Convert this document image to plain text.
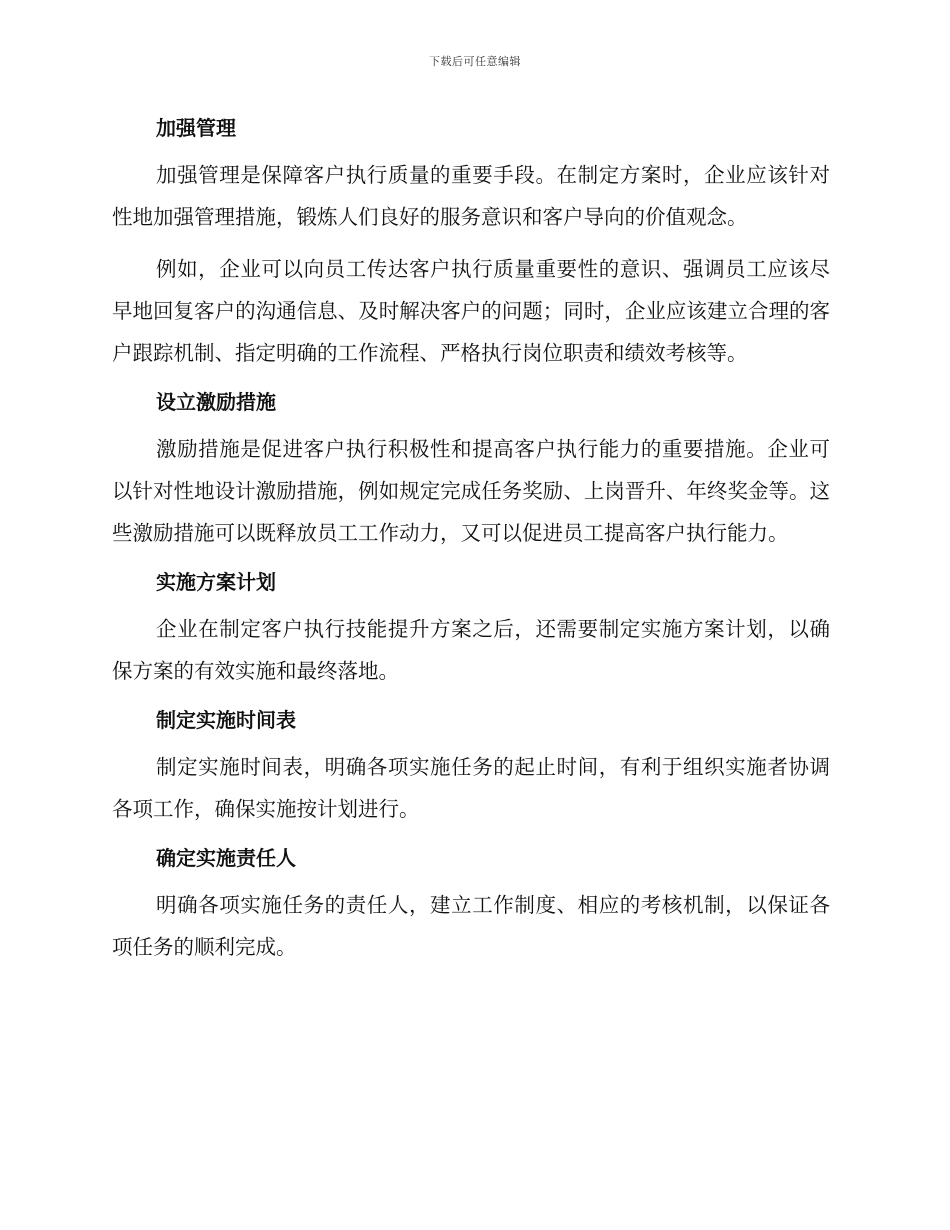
下载后可任意编辑
加强管理

加强管理是保障客户执行质量的重要手段。在制定方案时，企业应该针对性地加强管理措施，锻炼人们良好的服务意识和客户导向的价值观念。

例如，企业可以向员工传达客户执行质量重要性的意识、强调员工应该尽早地回复客户的沟通信息、及时解决客户的问题；同时，企业应该建立合理的客户跟踪机制、指定明确的工作流程、严格执行岗位职责和绩效考核等。

设立激励措施

激励措施是促进客户执行积极性和提高客户执行能力的重要措施。企业可以针对性地设计激励措施，例如规定完成任务奖励、上岗晋升、年终奖金等。这些激励措施可以既释放员工工作动力，又可以促进员工提高客户执行能力。

实施方案计划

企业在制定客户执行技能提升方案之后，还需要制定实施方案计划，以确保方案的有效实施和最终落地。

制定实施时间表

制定实施时间表，明确各项实施任务的起止时间，有利于组织实施者协调各项工作，确保实施按计划进行。

确定实施责任人

明确各项实施任务的责任人，建立工作制度、相应的考核机制，以保证各项任务的顺利完成。
